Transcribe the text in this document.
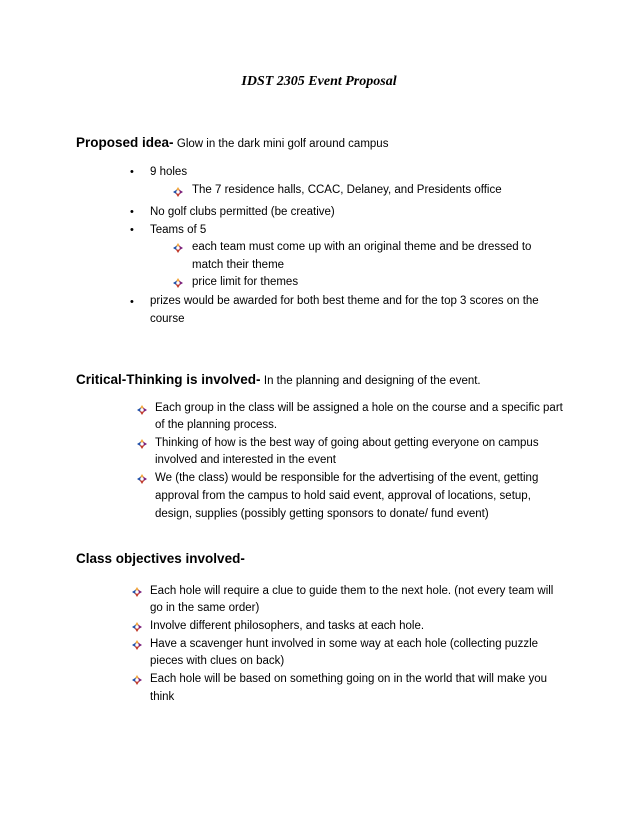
IDST 2305 Event Proposal
Proposed idea- Glow in the dark mini golf around campus
• 9 holes
The 7 residence halls, CCAC, Delaney, and Presidents office
• No golf clubs permitted (be creative)
• Teams of 5
each team must come up with an original theme and be dressed to
match their theme
price limit for themes
• prizes would be awarded for both best theme and for the top 3 scores on the
course
Critical-Thinking is involved- In the planning and designing of the event.
Each group in the class will be assigned a hole on the course and a specific part
of the planning process.
Thinking of how is the best way of going about getting everyone on campus
involved and interested in the event
We (the class) would be responsible for the advertising of the event, getting
approval from the campus to hold said event, approval of locations, setup,
design, supplies (possibly getting sponsors to donate/ fund event)
Class objectives involved-
Each hole will require a clue to guide them to the next hole. (not every team will
go in the same order)
Involve different philosophers, and tasks at each hole.
Have a scavenger hunt involved in some way at each hole (collecting puzzle
pieces with clues on back)
Each hole will be based on something going on in the world that will make you
think
